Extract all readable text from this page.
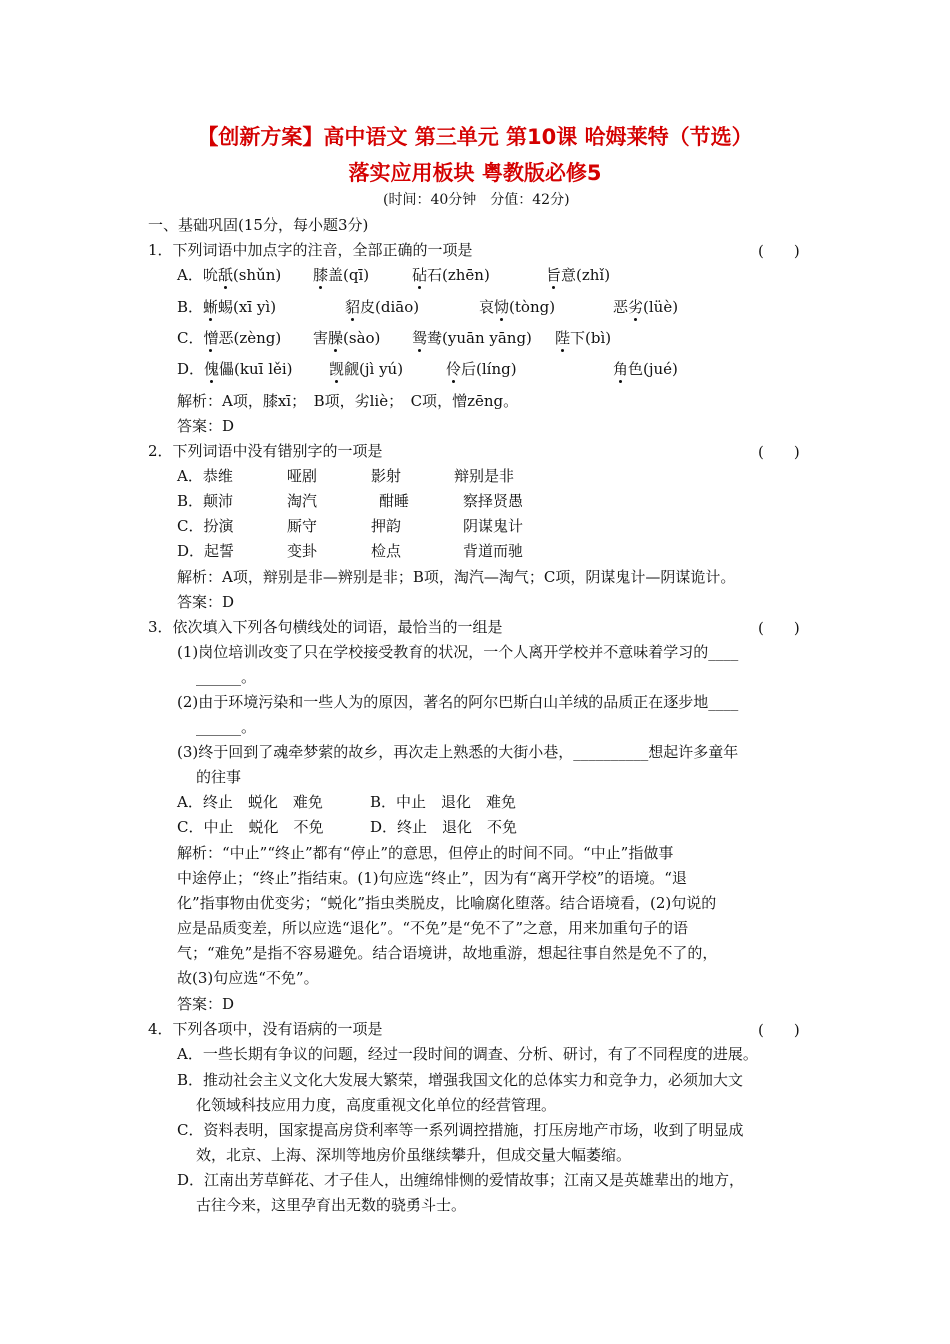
【创新方案】高中语文 第三单元 第10课 哈姆莱特（节选）
落实应用板块 粤教版必修5
(时间：40分钟　分值：42分)
一、基础巩固(15分，每小题3分)
1．下列词语中加点字的注音，全部正确的一项是	(　　)
A．吮舐(shǔn) 膝盖(qī)	砧石(zhēn)	旨意(zhǐ)
B．蜥蜴(xī yì)	貂皮(diāo)	哀恸(tòng)	恶劣(lüè)
C．憎恶(zèng) 害臊(sào) 鸳鸯(yuān yāng) 陛下(bì)
D．傀儡(kuī lěi) 觊觎(jì yú)	伶后(líng)	角色(jué)
解析：A项，膝xī；　B项，劣liè；　C项，憎zēng。
答案：D
2．下列词语中没有错别字的一项是	(　　)
A．恭维	哑剧	影射	辩别是非
B．颠沛	淘汽	酣睡	察择贤愚
C．扮演	厮守	押韵	阴谋鬼计
D．起誓	变卦	检点	背道而驰
解析：A项，辩别是非—辨别是非；B项，淘汽—淘气；C项，阴谋鬼计—阴谋诡计。
答案：D
3．依次填入下列各句横线处的词语，最恰当的一组是	(　　)
(1)岗位培训改变了只在学校接受教育的状况，一个人离开学校并不意味着学习的____
______。
(2)由于环境污染和一些人为的原因，著名的阿尔巴斯白山羊绒的品质正在逐步地____
______。
(3)终于回到了魂牵梦萦的故乡，再次走上熟悉的大街小巷，__________想起许多童年
的往事
A．终止　蜕化　难免	B．中止　退化　难免
C．中止　蜕化　不免	D．终止　退化　不免
解析：“中止”“终止”都有“停止”的意思，但停止的时间不同。“中止”指做事
中途停止；“终止”指结束。(1)句应选“终止”，因为有“离开学校”的语境。“退
化”指事物由优变劣；“蜕化”指虫类脱皮，比喻腐化堕落。结合语境看，(2)句说的
应是品质变差，所以应选“退化”。“不免”是“免不了”之意，用来加重句子的语
气；“难免”是指不容易避免。结合语境讲，故地重游，想起往事自然是免不了的，
故(3)句应选“不免”。
答案：D
4．下列各项中，没有语病的一项是	(　　)
A．一些长期有争议的问题，经过一段时间的调查、分析、研讨，有了不同程度的进展。
B．推动社会主义文化大发展大繁荣，增强我国文化的总体实力和竞争力，必须加大文
化领域科技应用力度，高度重视文化单位的经营管理。
C．资料表明，国家提高房贷利率等一系列调控措施，打压房地产市场，收到了明显成
效，北京、上海、深圳等地房价虽继续攀升，但成交量大幅萎缩。
D．江南出芳草鲜花、才子佳人，出缠绵悱恻的爱情故事；江南又是英雄辈出的地方，
古往今来，这里孕育出无数的骁勇斗士。
